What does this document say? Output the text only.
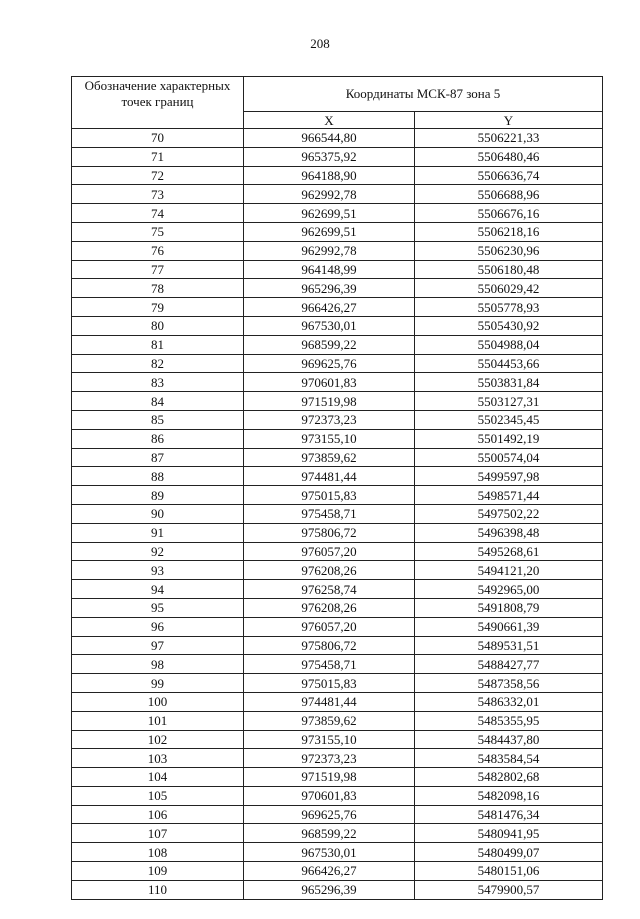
208
Обозначение характерных точек границ	Координаты МСК-87 зона 5	
	X	Y
70	966544,80	5506221,33
71	965375,92	5506480,46
72	964188,90	5506636,74
73	962992,78	5506688,96
74	962699,51	5506676,16
75	962699,51	5506218,16
76	962992,78	5506230,96
77	964148,99	5506180,48
78	965296,39	5506029,42
79	966426,27	5505778,93
80	967530,01	5505430,92
81	968599,22	5504988,04
82	969625,76	5504453,66
83	970601,83	5503831,84
84	971519,98	5503127,31
85	972373,23	5502345,45
86	973155,10	5501492,19
87	973859,62	5500574,04
88	974481,44	5499597,98
89	975015,83	5498571,44
90	975458,71	5497502,22
91	975806,72	5496398,48
92	976057,20	5495268,61
93	976208,26	5494121,20
94	976258,74	5492965,00
95	976208,26	5491808,79
96	976057,20	5490661,39
97	975806,72	5489531,51
98	975458,71	5488427,77
99	975015,83	5487358,56
100	974481,44	5486332,01
101	973859,62	5485355,95
102	973155,10	5484437,80
103	972373,23	5483584,54
104	971519,98	5482802,68
105	970601,83	5482098,16
106	969625,76	5481476,34
107	968599,22	5480941,95
108	967530,01	5480499,07
109	966426,27	5480151,06
110	965296,39	5479900,57
